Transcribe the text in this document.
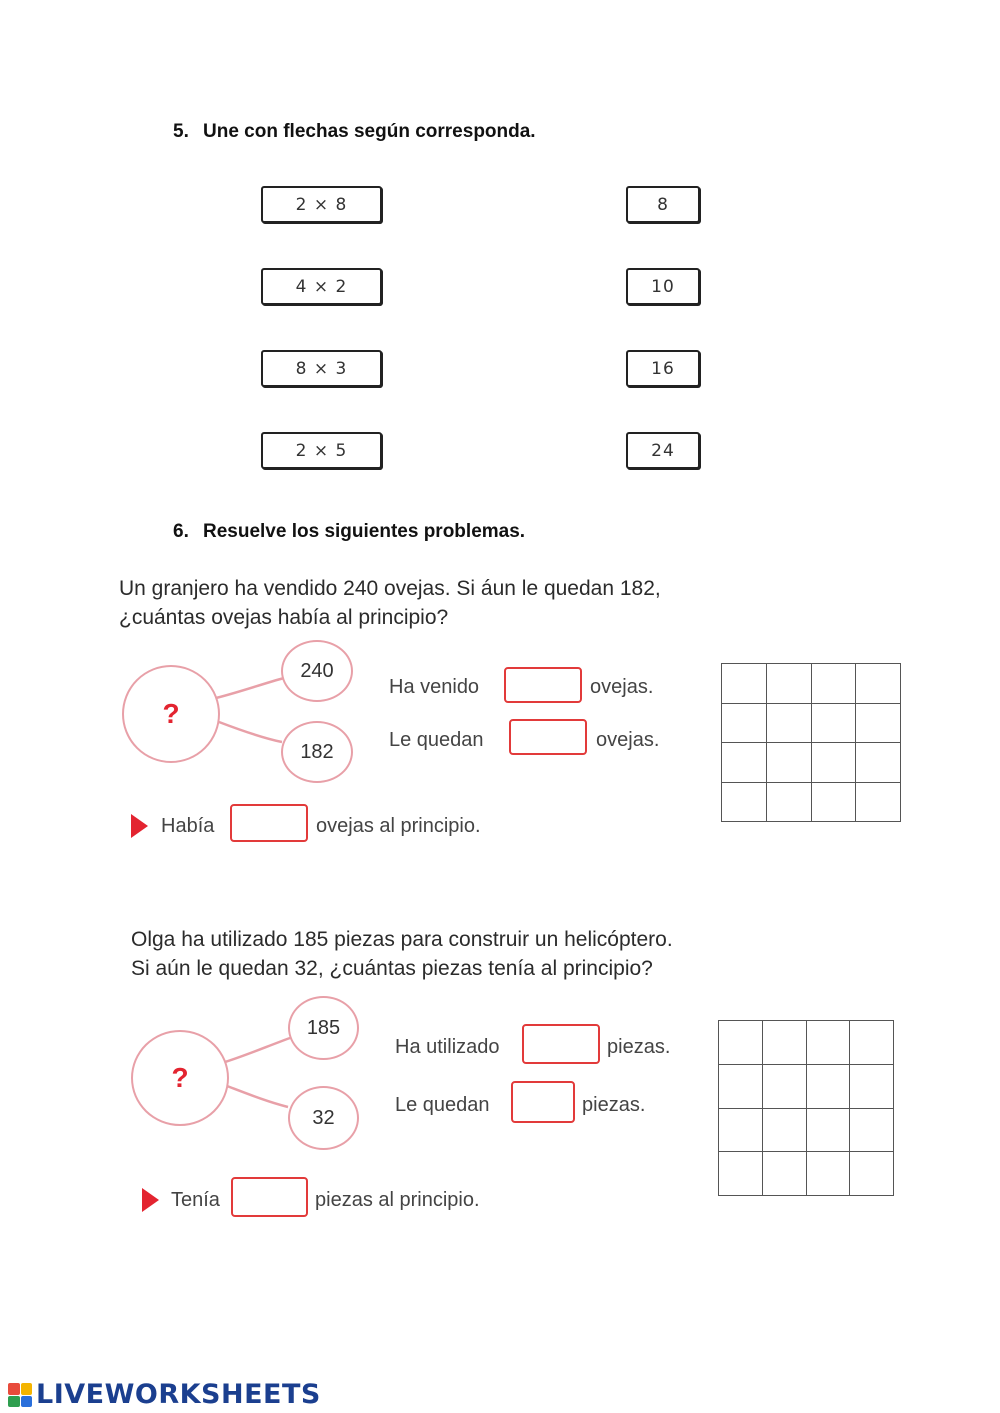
5. Une con flechas según corresponda.
2 × 8
4 × 2
8 × 3
2 × 5
8
10
16
24
6. Resuelve los siguientes problemas.
Un granjero ha vendido 240 ovejas. Si áun le quedan 182,
¿cuántas ovejas había al principio?
?
240
182
Ha venido	ovejas.
Le quedan	ovejas.
Había	ovejas al principio.

Olga ha utilizado 185 piezas para construir un helicóptero.
Si aún le quedan 32, ¿cuántas piezas tenía al principio?
?
185
32
Ha utilizado	piezas.
Le quedan	piezas.
Tenía	piezas al principio.

LIVEWORKSHEETS
